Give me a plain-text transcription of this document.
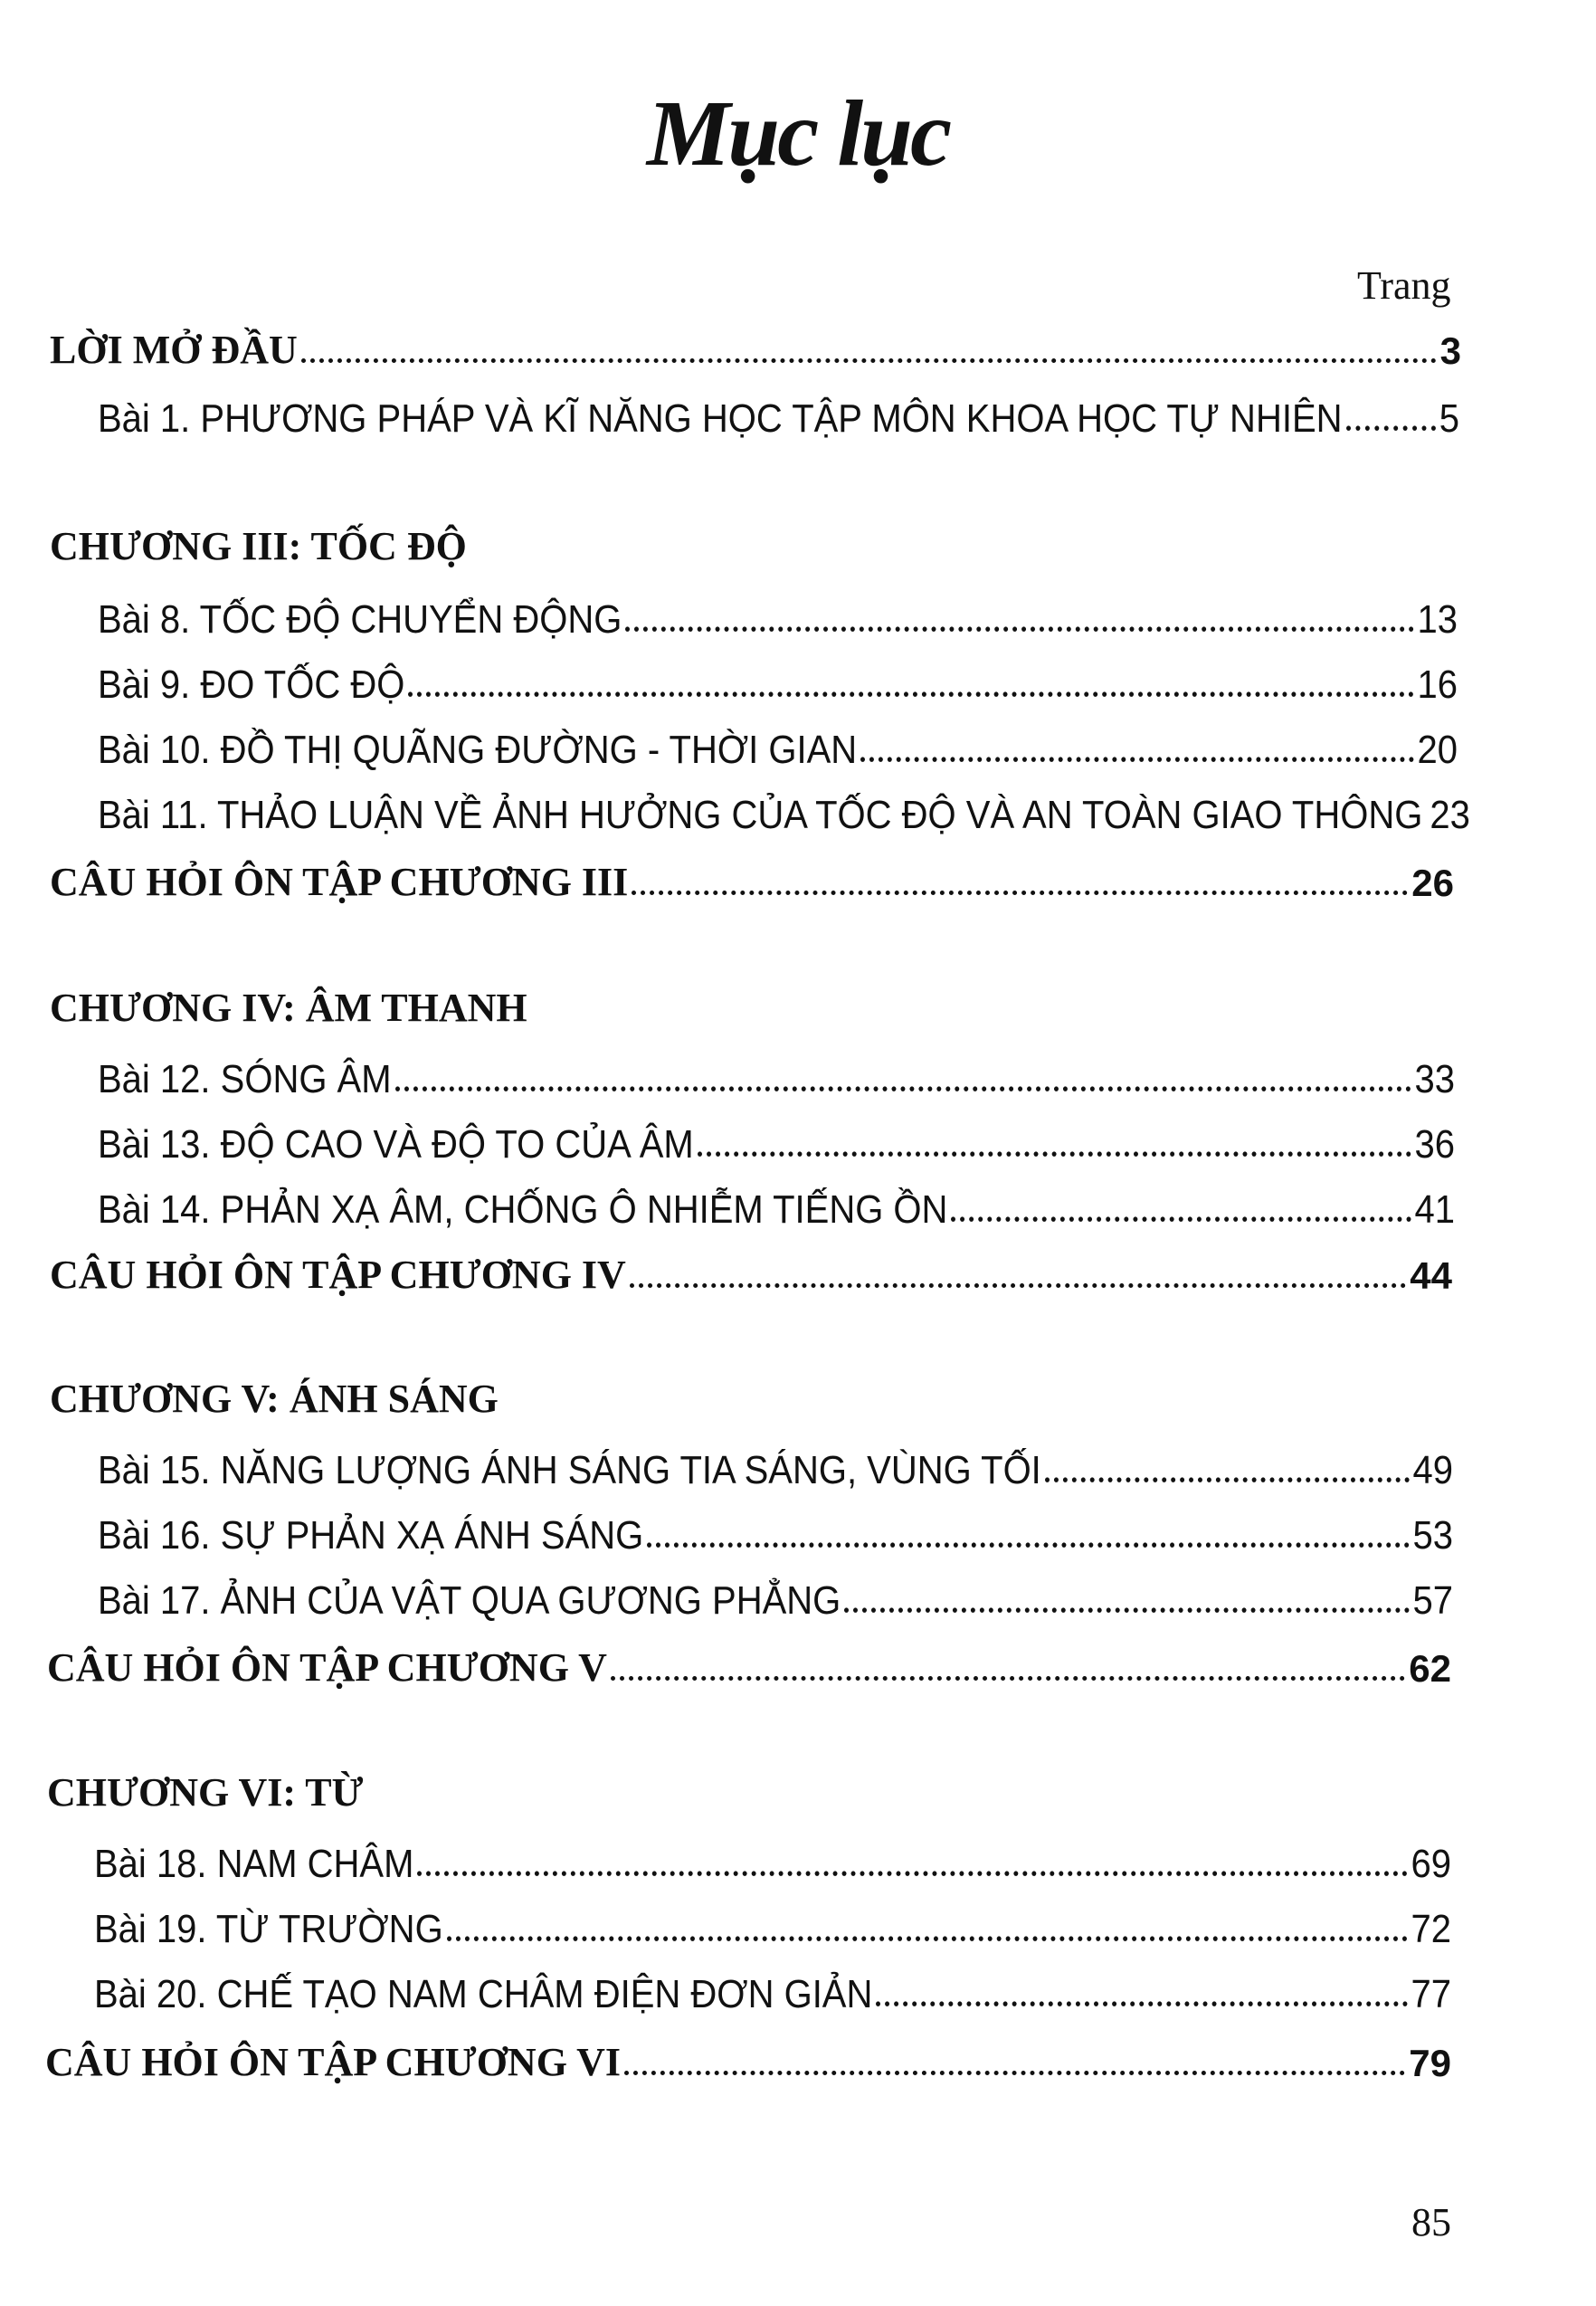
Mục lục
Trang
LỜI MỞ ĐẦU	3
Bài 1. PHƯƠNG PHÁP VÀ KĨ NĂNG HỌC TẬP MÔN KHOA HỌC TỰ NHIÊN	5
CHƯƠNG III: TỐC ĐỘ
Bài 8. TỐC ĐỘ CHUYỂN ĐỘNG	13
Bài 9. ĐO TỐC ĐỘ	16
Bài 10. ĐỒ THỊ QUÃNG ĐƯỜNG - THỜI GIAN	20
Bài 11. THẢO LUẬN VỀ ẢNH HƯỞNG CỦA TỐC ĐỘ VÀ AN TOÀN GIAO THÔNG 23
CÂU HỎI ÔN TẬP CHƯƠNG III	26
CHƯƠNG IV: ÂM THANH
Bài 12. SÓNG ÂM	33
Bài 13. ĐỘ CAO VÀ ĐỘ TO CỦA ÂM	36
Bài 14. PHẢN XẠ ÂM, CHỐNG Ô NHIỄM TIẾNG ỒN	41
CÂU HỎI ÔN TẬP CHƯƠNG IV	44
CHƯƠNG V: ÁNH SÁNG
Bài 15. NĂNG LƯỢNG ÁNH SÁNG TIA SÁNG, VÙNG TỐI	49
Bài 16. SỰ PHẢN XẠ ÁNH SÁNG	53
Bài 17. ẢNH CỦA VẬT QUA GƯƠNG PHẲNG	57
CÂU HỎI ÔN TẬP CHƯƠNG V	62
CHƯƠNG VI: TỪ
Bài 18. NAM CHÂM	69
Bài 19. TỪ TRƯỜNG	72
Bài 20. CHẾ TẠO NAM CHÂM ĐIỆN ĐƠN GIẢN	77
CÂU HỎI ÔN TẬP CHƯƠNG VI	79
85
